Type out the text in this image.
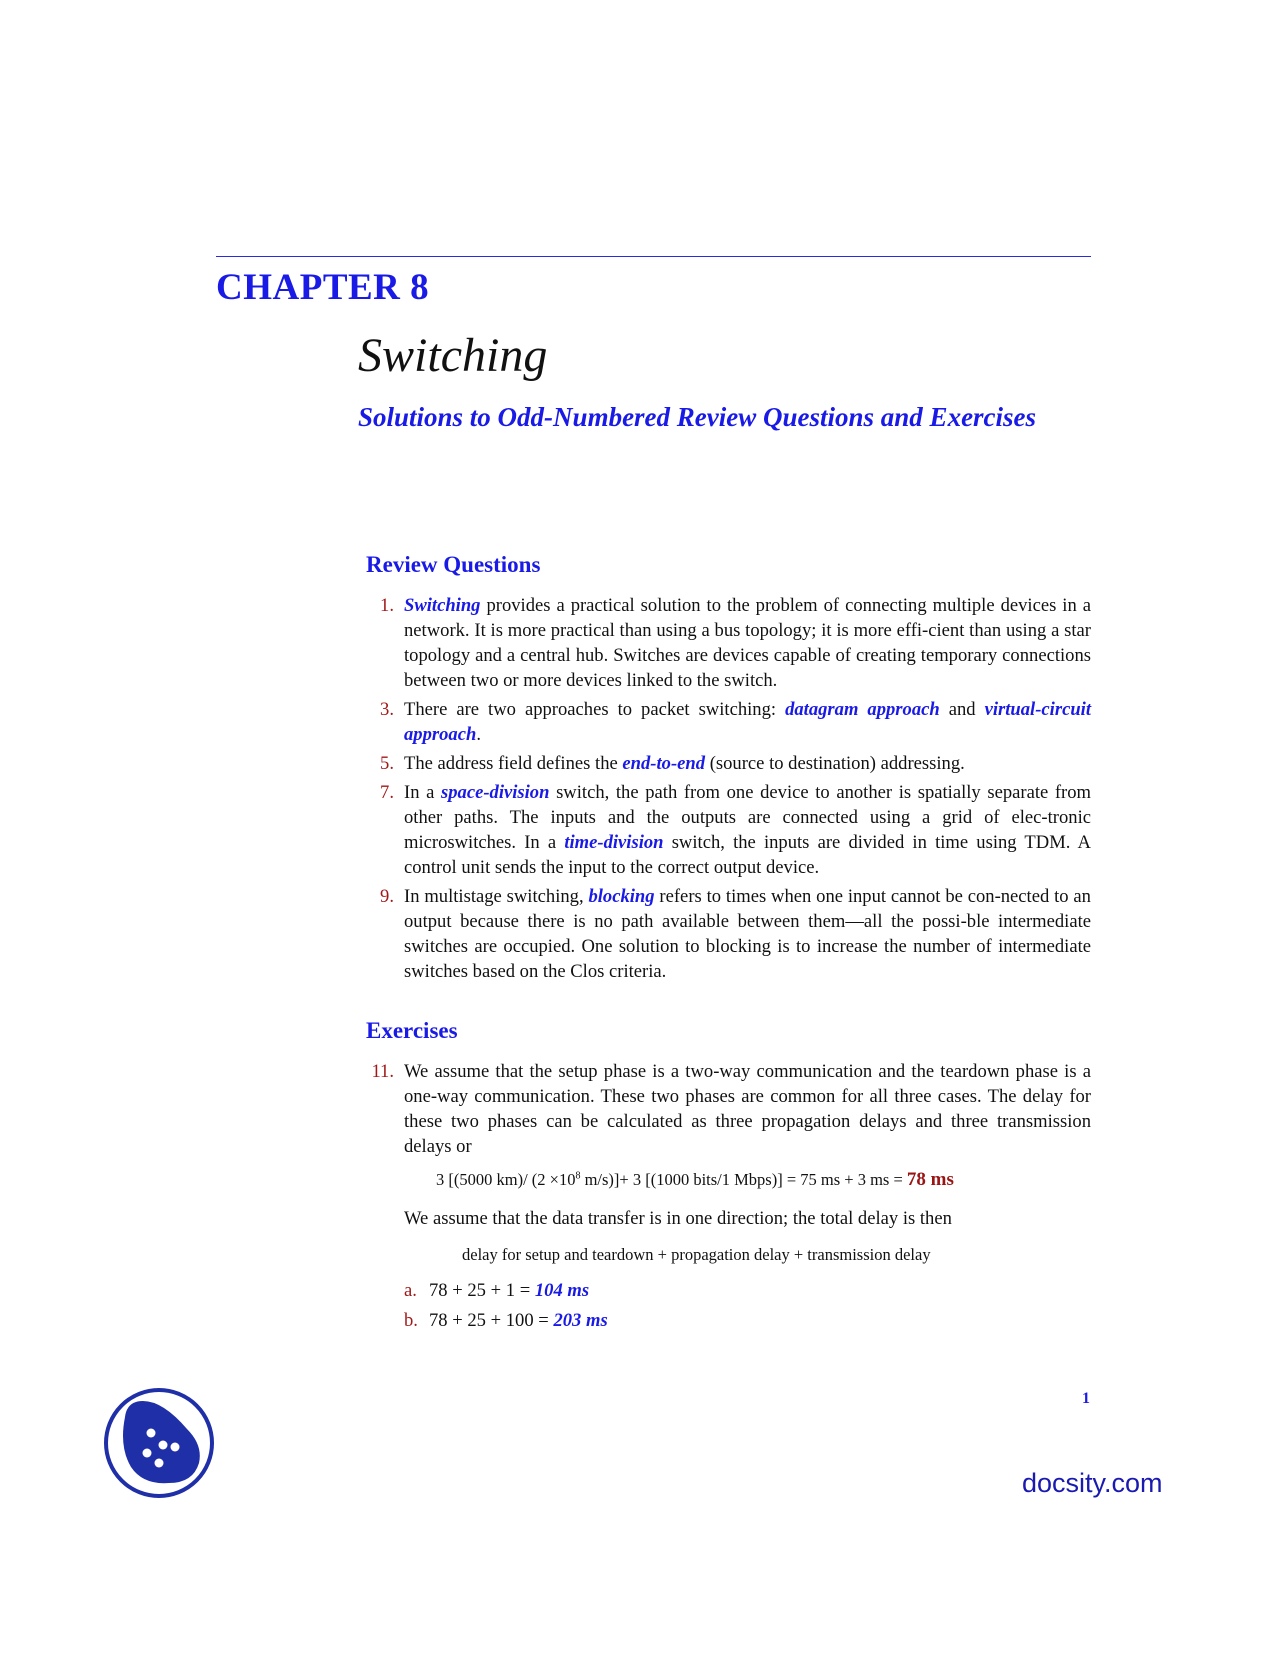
CHAPTER 8
Switching
Solutions to Odd-Numbered Review Questions and Exercises
Review Questions
1. Switching provides a practical solution to the problem of connecting multiple devices in a network. It is more practical than using a bus topology; it is more effi-cient than using a star topology and a central hub. Switches are devices capable of creating temporary connections between two or more devices linked to the switch.
3. There are two approaches to packet switching: datagram approach and virtual-circuit approach.
5. The address field defines the end-to-end (source to destination) addressing.
7. In a space-division switch, the path from one device to another is spatially separate from other paths. The inputs and the outputs are connected using a grid of elec-tronic microswitches. In a time-division switch, the inputs are divided in time using TDM. A control unit sends the input to the correct output device.
9. In multistage switching, blocking refers to times when one input cannot be con-nected to an output because there is no path available between them—all the possi-ble intermediate switches are occupied. One solution to blocking is to increase the number of intermediate switches based on the Clos criteria.
Exercises
11. We assume that the setup phase is a two-way communication and the teardown phase is a one-way communication. These two phases are common for all three cases. The delay for these two phases can be calculated as three propagation delays and three transmission delays or
3 [(5000 km)/ ($2 \times 10^8$ m/s)]+ 3 [(1000 bits/1 Mbps)] = 75 ms + 3 ms = 78 ms
We assume that the data transfer is in one direction; the total delay is then
delay for setup and teardown + propagation delay + transmission delay
a. 78 + 25 + 1 = 104 ms
b. 78 + 25 + 100 = 203 ms
1
docsity.com
